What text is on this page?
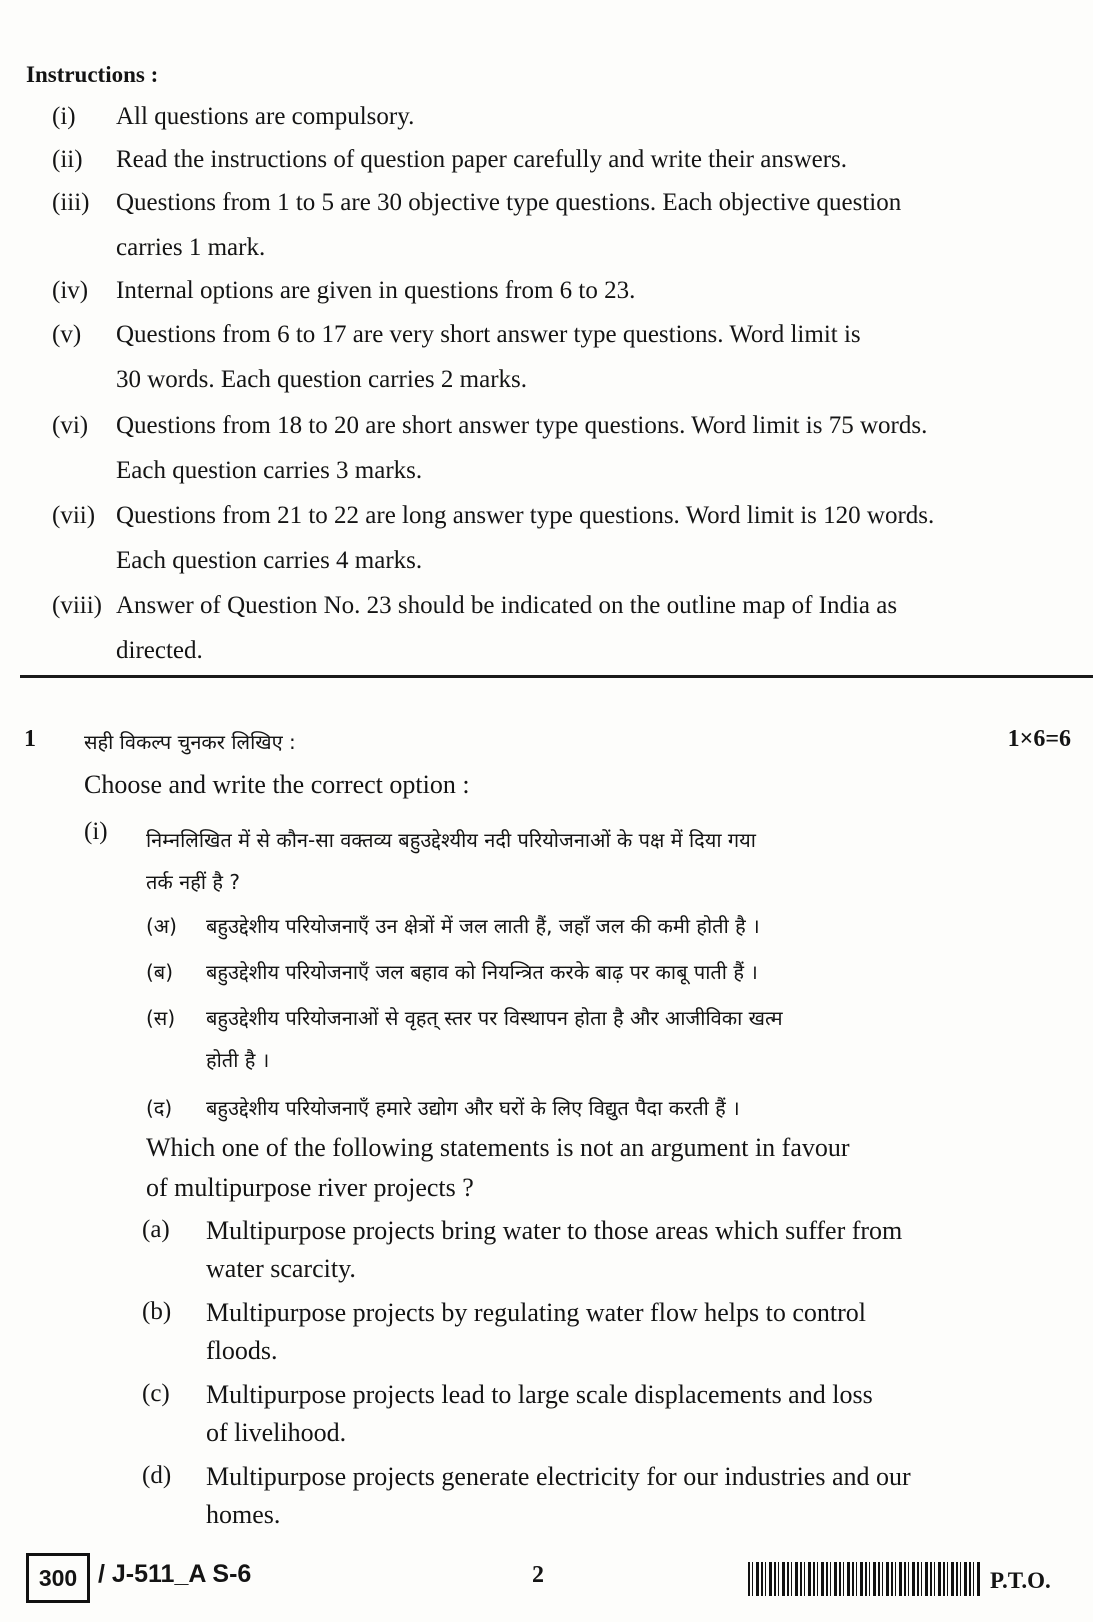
Instructions :
(i)	All questions are compulsory.
(ii)	Read the instructions of question paper carefully and write their answers.
(iii)	Questions from 1 to 5 are 30 objective type questions. Each objective question
carries 1 mark.
(iv)	Internal options are given in questions from 6 to 23.
(v)	Questions from 6 to 17 are very short answer type questions. Word limit is
30 words. Each question carries 2 marks.
(vi)	Questions from 18 to 20 are short answer type questions. Word limit is 75 words.
Each question carries 3 marks.
(vii) Questions from 21 to 22 are long answer type questions. Word limit is 120 words.
Each question carries 4 marks.
(viii) Answer of Question No. 23 should be indicated on the outline map of India as
directed.
1 सही विकल्प चुनकर लिखिए :	1×6=6
Choose and write the correct option :
(i) निम्नलिखित में से कौन-सा वक्तव्य बहुउद्देश्यीय नदी परियोजनाओं के पक्ष में दिया गया
तर्क नहीं है ?
(अ) बहुउद्देशीय परियोजनाएँ उन क्षेत्रों में जल लाती हैं, जहाँ जल की कमी होती है ।
(ब) बहुउद्देशीय परियोजनाएँ जल बहाव को नियन्त्रित करके बाढ़ पर काबू पाती हैं ।
(स) बहुउद्देशीय परियोजनाओं से वृहत् स्तर पर विस्थापन होता है और आजीविका खत्म
होती है ।
(द) बहुउद्देशीय परियोजनाएँ हमारे उद्योग और घरों के लिए विद्युत पैदा करती हैं ।
Which one of the following statements is not an argument in favour
of multipurpose river projects ?
(a) Multipurpose projects bring water to those areas which suffer from
water scarcity.
(b) Multipurpose projects by regulating water flow helps to control
floods.
(c) Multipurpose projects lead to large scale displacements and loss
of livelihood.
(d) Multipurpose projects generate electricity for our industries and our
homes.
300 / J-511_A S-6	2	P.T.O.
